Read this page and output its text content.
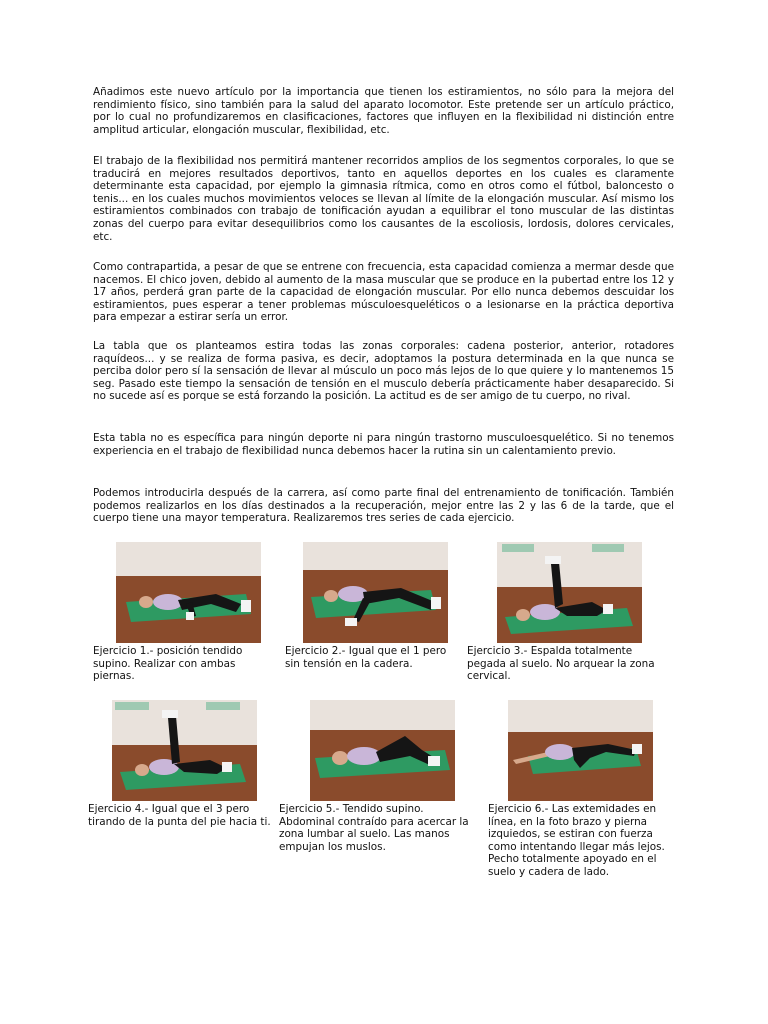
Añadimos este nuevo artículo por la importancia que tienen los estiramientos, no sólo para la mejora del rendimiento físico, sino también para la salud del aparato locomotor. Este pretende ser un artículo práctico, por lo cual no profundizaremos en clasificaciones, factores que influyen en la flexibilidad ni distinción entre amplitud articular, elongación muscular, flexibilidad, etc.

El trabajo de la flexibilidad nos permitirá mantener recorridos amplios de los segmentos corporales, lo que se traducirá en mejores resultados deportivos, tanto en aquellos deportes en los cuales es claramente determinante esta capacidad, por ejemplo la gimnasia rítmica, como en otros como el fútbol, baloncesto o tenis... en los cuales muchos movimientos veloces se llevan al límite de la elongación muscular. Así mismo los estiramientos combinados con trabajo de tonificación ayudan a equilibrar el tono muscular de las distintas zonas del cuerpo para evitar desequilibrios como los causantes de la escoliosis, lordosis, dolores cervicales, etc.

Como contrapartida, a pesar de que se entrene con frecuencia, esta capacidad comienza a mermar desde que nacemos. El chico joven, debido al aumento de la masa muscular que se produce en la pubertad entre los 12 y 17 años, perderá gran parte de la capacidad de elongación muscular. Por ello nunca debemos descuidar los estiramientos, pues esperar a tener problemas músculoesqueléticos o a lesionarse en la práctica deportiva para empezar a estirar sería un error.

La tabla que os planteamos estira todas las zonas corporales: cadena posterior, anterior, rotadores raquídeos... y se realiza de forma pasiva, es decir, adoptamos la postura determinada en la que nunca se perciba dolor pero sí la sensación de llevar al músculo un poco más lejos de lo que quiere y lo mantenemos 15 seg. Pasado este tiempo la sensación de tensión en el musculo debería prácticamente haber desaparecido. Si no sucede así es porque se está forzando la posición. La actitud es de ser amigo de tu cuerpo, no rival.

Esta tabla no es específica para ningún deporte ni para ningún trastorno musculoesquelético. Si no tenemos experiencia en el trabajo de flexibilidad nunca debemos hacer la rutina sin un calentamiento previo.

Podemos introducirla después de la carrera, así como parte final del entrenamiento de tonificación. También podemos realizarlos en los días destinados a la recuperación, mejor entre las 2 y las 6 de la tarde, que el cuerpo tiene una mayor temperatura. Realizaremos tres series de cada ejercicio.

Ejercicio 1.- posición tendido supino. Realizar con ambas piernas.

Ejercicio 2.- Igual que el 1 pero sin tensión en la cadera.

Ejercicio 3.- Espalda totalmente pegada al suelo. No arquear la zona cervical.

Ejercicio 4.- Igual que el 3 pero tirando de la punta del pie hacia ti.

Ejercicio 5.- Tendido supino. Abdominal contraído para acercar la zona lumbar al suelo. Las manos empujan los muslos.

Ejercicio 6.- Las extemidades en línea, en la foto brazo y pierna izquiedos, se estiran con fuerza como intentando llegar más lejos. Pecho totalmente apoyado en el suelo y cadera de lado.
